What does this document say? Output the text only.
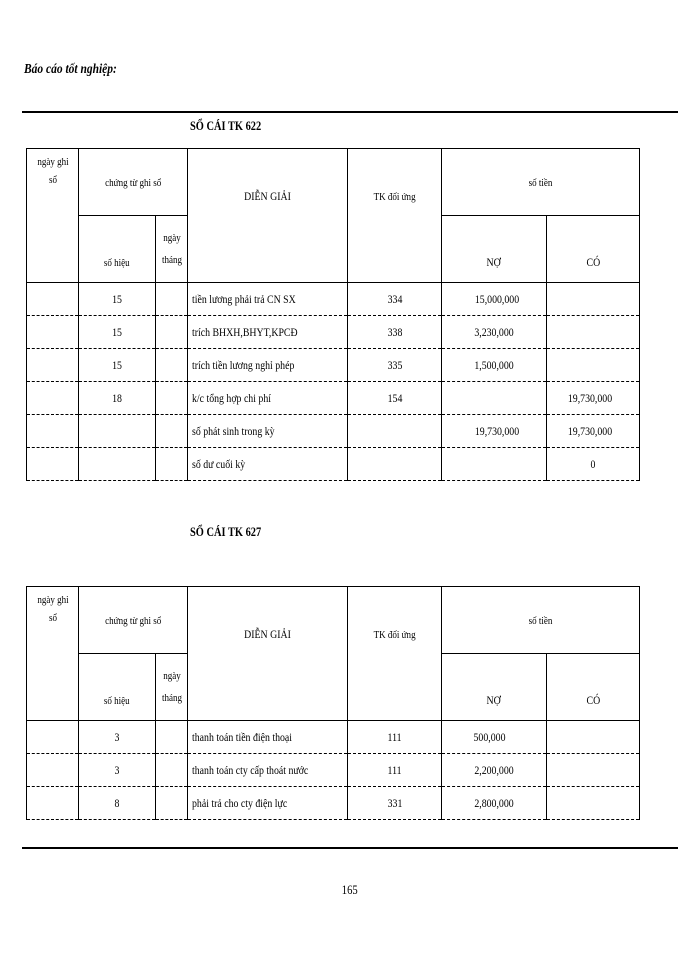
Báo cáo tốt nghiệp:
SỔ CÁI TK 622
ngày ghi sổ	chứng từ ghi sổ		DIỄN GIẢI	TK đối ứng	số tiền	
	số hiệu	ngày tháng			NỢ	CÓ
	15		tiền lương phải trả CN SX	334	15,000,000	
	15		trích BHXH,BHYT,KPCĐ	338	3,230,000	
	15		trích tiền lương nghỉ phép	335	1,500,000	
	18		k/c tổng hợp chi phí	154		19,730,000
			số phát sinh trong kỳ		19,730,000	19,730,000
			số dư cuối kỳ			0
SỔ CÁI TK 627
ngày ghi sổ	chứng từ ghi sổ		DIỄN GIẢI	TK đối ứng	số tiền	
	số hiệu	ngày tháng			NỢ	CÓ
	3		thanh toán tiền điện thoại	111	500,000	
	3		thanh toán cty cấp thoát nước	111	2,200,000	
	8		phải trả cho cty điện lực	331	2,800,000	
165
